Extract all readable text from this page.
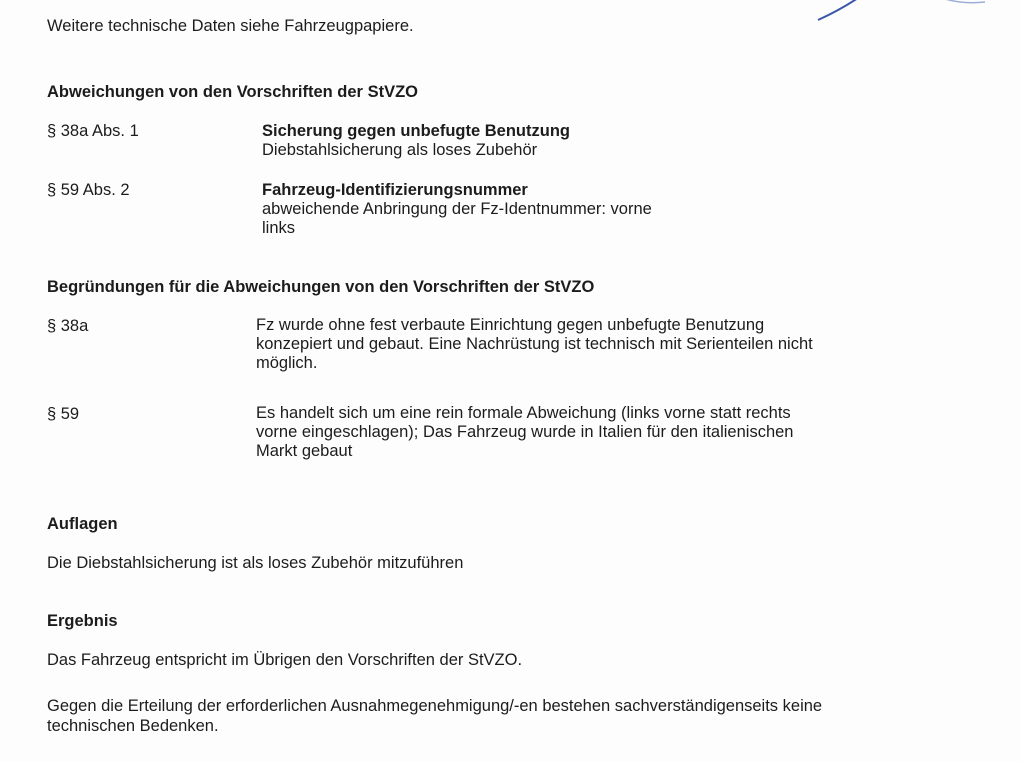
Weitere technische Daten siehe Fahrzeugpapiere.
Abweichungen von den Vorschriften der StVZO
§ 38a Abs. 1	Sicherung gegen unbefugte Benutzung
Diebstahlsicherung als loses Zubehör
§ 59 Abs. 2	Fahrzeug-Identifizierungsnummer
abweichende Anbringung der Fz-Identnummer: vorne
links
Begründungen für die Abweichungen von den Vorschriften der StVZO
§ 38a	Fz wurde ohne fest verbaute Einrichtung gegen unbefugte Benutzung
konzepiert und gebaut. Eine Nachrüstung ist technisch mit Serienteilen nicht
möglich.
§ 59	Es handelt sich um eine rein formale Abweichung (links vorne statt rechts
vorne eingeschlagen); Das Fahrzeug wurde in Italien für den italienischen
Markt gebaut
Auflagen
Die Diebstahlsicherung ist als loses Zubehör mitzuführen
Ergebnis
Das Fahrzeug entspricht im Übrigen den Vorschriften der StVZO.
Gegen die Erteilung der erforderlichen Ausnahmegenehmigung/-en bestehen sachverständigenseits keine
technischen Bedenken.
